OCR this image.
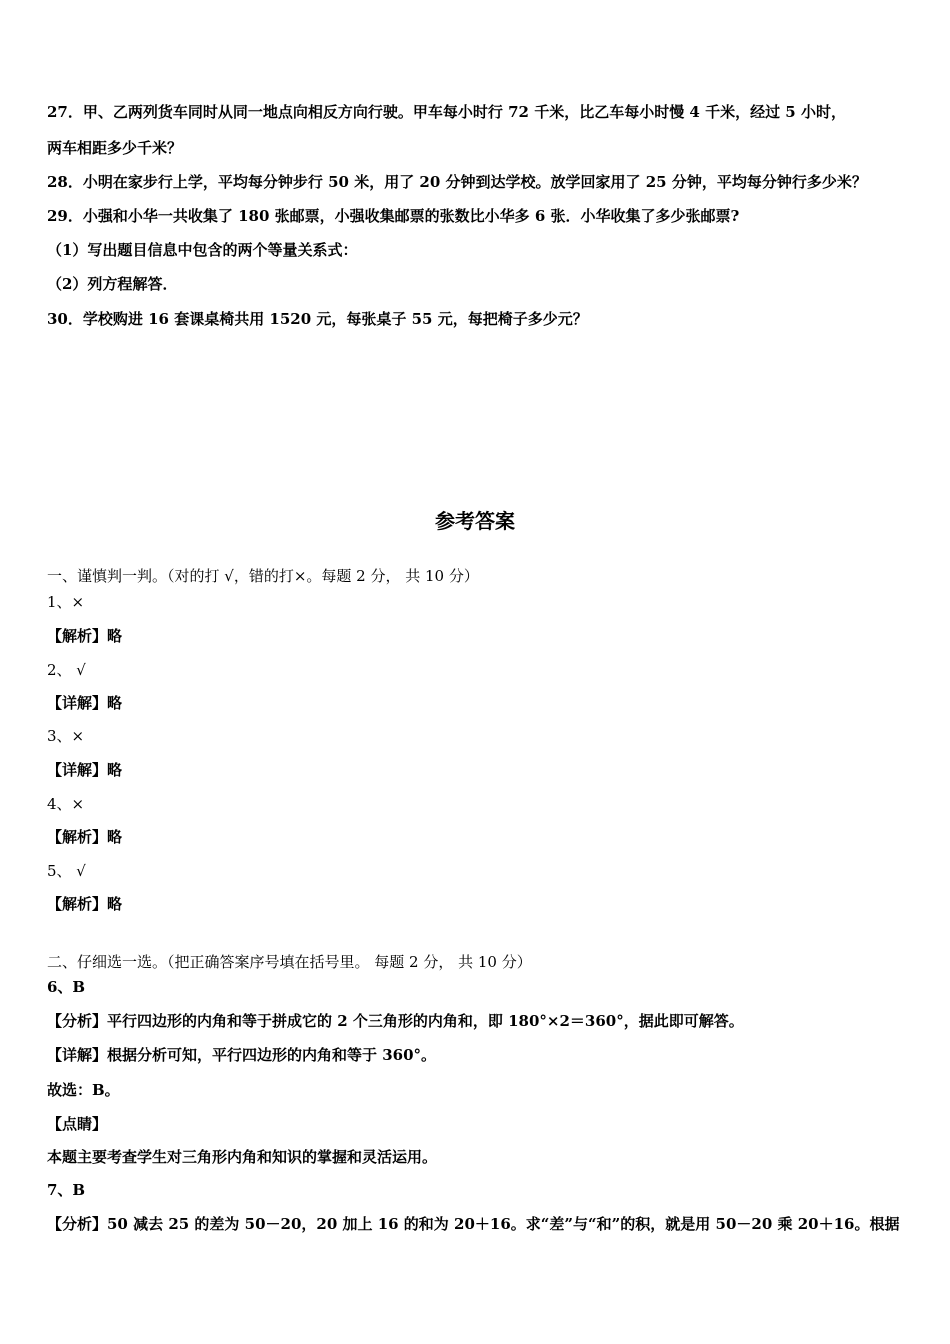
27．甲、乙两列货车同时从同一地点向相反方向行驶。甲车每小时行 72 千米，比乙车每小时慢 4 千米，经过 5 小时，
两车相距多少千米？
28．小明在家步行上学，平均每分钟步行 50 米，用了 20 分钟到达学校。放学回家用了 25 分钟，平均每分钟行多少米？
29．小强和小华一共收集了 180 张邮票，小强收集邮票的张数比小华多 6 张．小华收集了多少张邮票?
（1）写出题目信息中包含的两个等量关系式：
（2）列方程解答．
30．学校购进 16 套课桌椅共用 1520 元，每张桌子 55 元，每把椅子多少元？
参考答案
一、谨慎判一判。（对的打 √，错的打×。每题 2 分， 共 10 分）
1、×
【解析】略
2、 √
【详解】略
3、×
【详解】略
4、×
【解析】略
5、 √
【解析】略
二、仔细选一选。（把正确答案序号填在括号里。 每题 2 分， 共 10 分）
6、B
【分析】平行四边形的内角和等于拼成它的 2 个三角形的内角和，即 180°×2＝360°，据此即可解答。
【详解】根据分析可知，平行四边形的内角和等于 360°。
故选：B。
【点睛】
本题主要考查学生对三角形内角和知识的掌握和灵活运用。
7、B
【分析】50 减去 25 的差为 50－20，20 加上 16 的和为 20＋16。求“差”与“和”的积，就是用 50－20 乘 20＋16。根据
